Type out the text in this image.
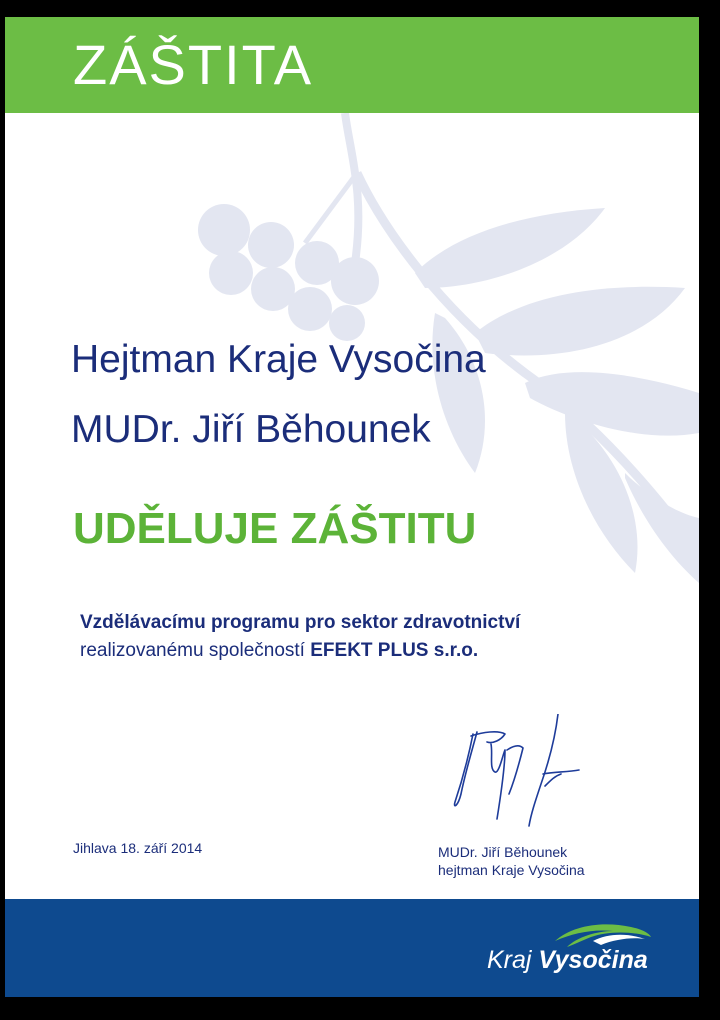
ZÁŠTITA
Hejtman Kraje Vysočina
MUDr. Jiří Běhounek
UDĚLUJE ZÁŠTITU
Vzdělávacímu programu pro sektor zdravotnictví
realizovanému společností EFEKT PLUS s.r.o.
Jihlava 18. září 2014	MUDr. Jiří Běhounek
hejtman Kraje Vysočina
Kraj Vysočina
